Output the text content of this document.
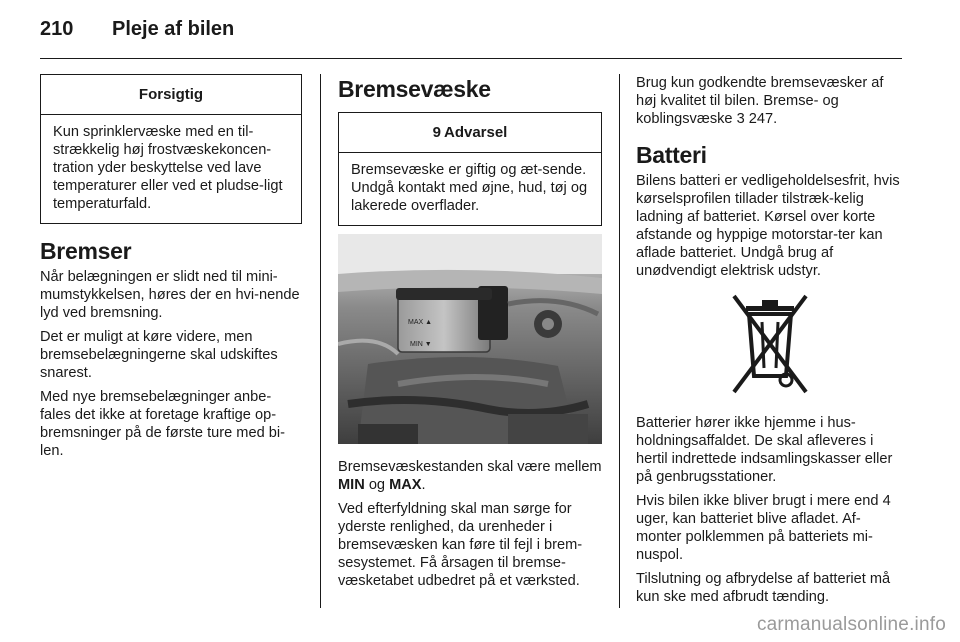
210	Pleje af bilen
Forsigtig
Kun sprinklervæske med en til-strækkelig høj frostvæskekoncen-tration yder beskyttelse ved lave temperaturer eller ved et pludse-ligt temperaturfald.
Bremser
Når belægningen er slidt ned til mini-mumstykkelsen, høres der en hvi-nende lyd ved bremsning.
Det er muligt at køre videre, men bremsebelægningerne skal udskiftes snarest.
Med nye bremsebelægninger anbe-fales det ikke at foretage kraftige op-bremsninger på de første ture med bi-len.
Bremsevæske
9 Advarsel
Bremsevæske er giftig og æt-sende. Undgå kontakt med øjne, hud, tøj og lakerede overflader.
MAX ▲
MIN ▼
Bremsevæskestanden skal være mellem MIN og MAX.
Ved efterfyldning skal man sørge for yderste renlighed, da urenheder i bremsevæsken kan føre til fejl i brem-sesystemet. Få årsagen til bremse-væsketabet udbedret på et værksted.
Brug kun godkendte bremsevæsker af høj kvalitet til bilen. Bremse- og koblingsvæske 3 247.
Batteri
Bilens batteri er vedligeholdelsesfrit, hvis kørselsprofilen tillader tilstræk-kelig ladning af batteriet. Kørsel over korte afstande og hyppige motorstar-ter kan aflade batteriet. Undgå brug af unødvendigt elektrisk udstyr.
Batterier hører ikke hjemme i hus-holdningsaffaldet. De skal afleveres i hertil indrettede indsamlingskasser eller på genbrugsstationer.
Hvis bilen ikke bliver brugt i mere end 4 uger, kan batteriet blive afladet. Af-monter polklemmen på batteriets mi-nuspol.
Tilslutning og afbrydelse af batteriet må kun ske med afbrudt tænding.
carmanualsonline.info
